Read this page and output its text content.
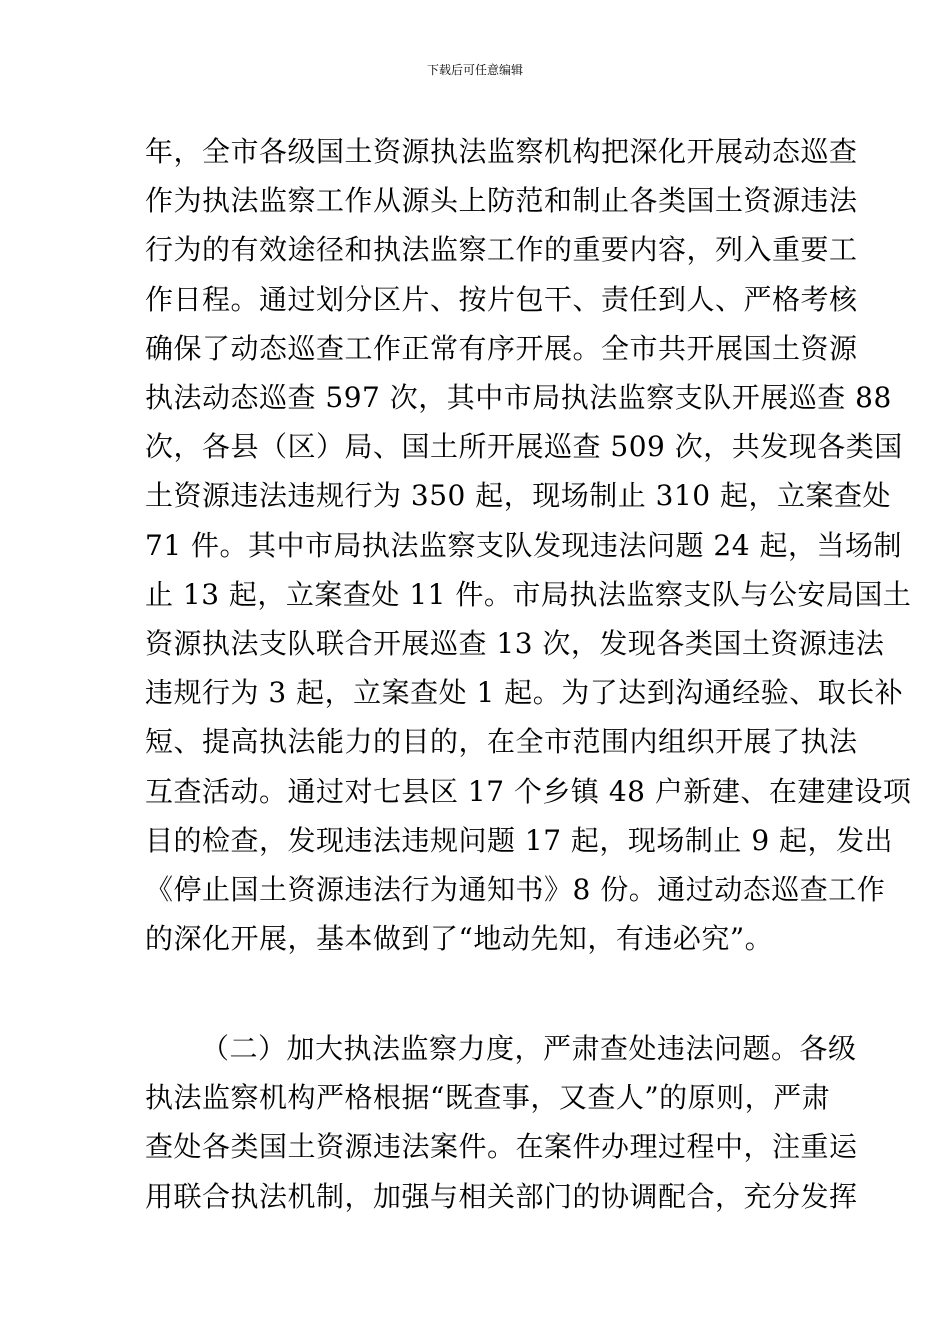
下载后可任意编辑
年，全市各级国土资源执法监察机构把深化开展动态巡查
作为执法监察工作从源头上防范和制止各类国土资源违法
行为的有效途径和执法监察工作的重要内容，列入重要工
作日程。通过划分区片、按片包干、责任到人、严格考核
确保了动态巡查工作正常有序开展。全市共开展国土资源
执法动态巡查 597 次，其中市局执法监察支队开展巡查 88
次，各县（区）局、国土所开展巡查 509 次，共发现各类国
土资源违法违规行为 350 起，现场制止 310 起，立案查处
71 件。其中市局执法监察支队发现违法问题 24 起，当场制
止 13 起，立案查处 11 件。市局执法监察支队与公安局国土
资源执法支队联合开展巡查 13 次，发现各类国土资源违法
违规行为 3 起，立案查处 1 起。为了达到沟通经验、取长补
短、提高执法能力的目的，在全市范围内组织开展了执法
互查活动。通过对七县区 17 个乡镇 48 户新建、在建建设项
目的检查，发现违法违规问题 17 起，现场制止 9 起，发出
《停止国土资源违法行为通知书》8 份。通过动态巡查工作
的深化开展，基本做到了“地动先知，有违必究”。
（二）加大执法监察力度，严肃查处违法问题。各级
执法监察机构严格根据“既查事，又查人”的原则，严肃
查处各类国土资源违法案件。在案件办理过程中，注重运
用联合执法机制，加强与相关部门的协调配合，充分发挥
